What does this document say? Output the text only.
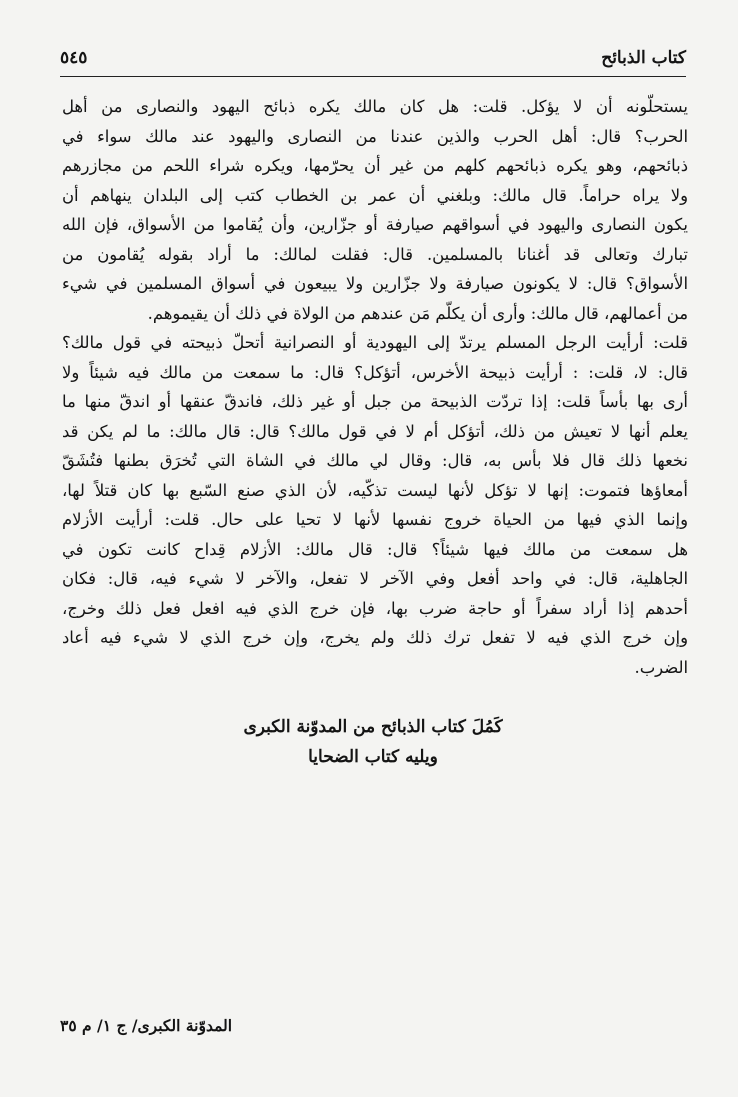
كتاب الذبائح
٥٤٥
يستحلّونه أن لا يؤكل. قلت: هل كان مالك يكره ذبائح اليهود والنصارى من أهل
الحرب؟ قال: أهل الحرب والذين عندنا من النصارى واليهود عند مالك سواء في
ذبائحهم، وهو يكره ذبائحهم كلهم من غير أن يحرّمها، ويكره شراء اللحم من مجازرهم
ولا يراه حراماً. قال مالك: وبلغني أن عمر بن الخطاب كتب إلى البلدان ينهاهم أن
يكون النصارى واليهود في أسواقهم صيارفة أو جزّارين، وأن يُقاموا من الأسواق، فإن الله
تبارك وتعالى قد أغنانا بالمسلمين. قال: فقلت لمالك: ما أراد بقوله يُقامون من
الأسواق؟ قال: لا يكونون صيارفة ولا جزّارين ولا يبيعون في أسواق المسلمين في شيء
من أعمالهم، قال مالك: وأرى أن يكلّم مَن عندهم من الولاة في ذلك أن يقيموهم.
قلت: أرأيت الرجل المسلم يرتدّ إلى اليهودية أو النصرانية أتحلّ ذبيحته في قول مالك؟
قال: لا، قلت: : أرأيت ذبيحة الأخرس، أتؤكل؟ قال: ما سمعت من مالك فيه شيئاً ولا
أرى بها بأساً قلت: إذا تردّت الذبيحة من جبل أو غير ذلك، فاندقّ عنقها أو اندقّ منها ما
يعلم أنها لا تعيش من ذلك، أتؤكل أم لا في قول مالك؟ قال: قال مالك: ما لم يكن قد
نخعها ذلك قال فلا بأس به، قال: وقال لي مالك في الشاة التي تُخرَق بطنها فتُشَقّ
أمعاؤها فتموت: إنها لا تؤكل لأنها ليست تذكّيه، لأن الذي صنع السّبع بها كان قتلاً لها،
وإنما الذي فيها من الحياة خروج نفسها لأنها لا تحيا على حال. قلت: أرأيت الأزلام
هل سمعت من مالك فيها شيئاً؟ قال: قال مالك: الأزلام قِداح كانت تكون في
الجاهلية، قال: في واحد أفعل وفي الآخر لا تفعل، والآخر لا شيء فيه، قال: فكان
أحدهم إذا أراد سفراً أو حاجة ضرب بها، فإن خرج الذي فيه افعل فعل ذلك وخرج،
وإن خرج الذي فيه لا تفعل ترك ذلك ولم يخرج، وإن خرج الذي لا شيء فيه أعاد
الضرب.
كَمُلَ كتاب الذبائح من المدوّنة الكبرى
ويليه كتاب الضحايا
المدوّنة الكبرى/ ج ١/ م ٣٥
